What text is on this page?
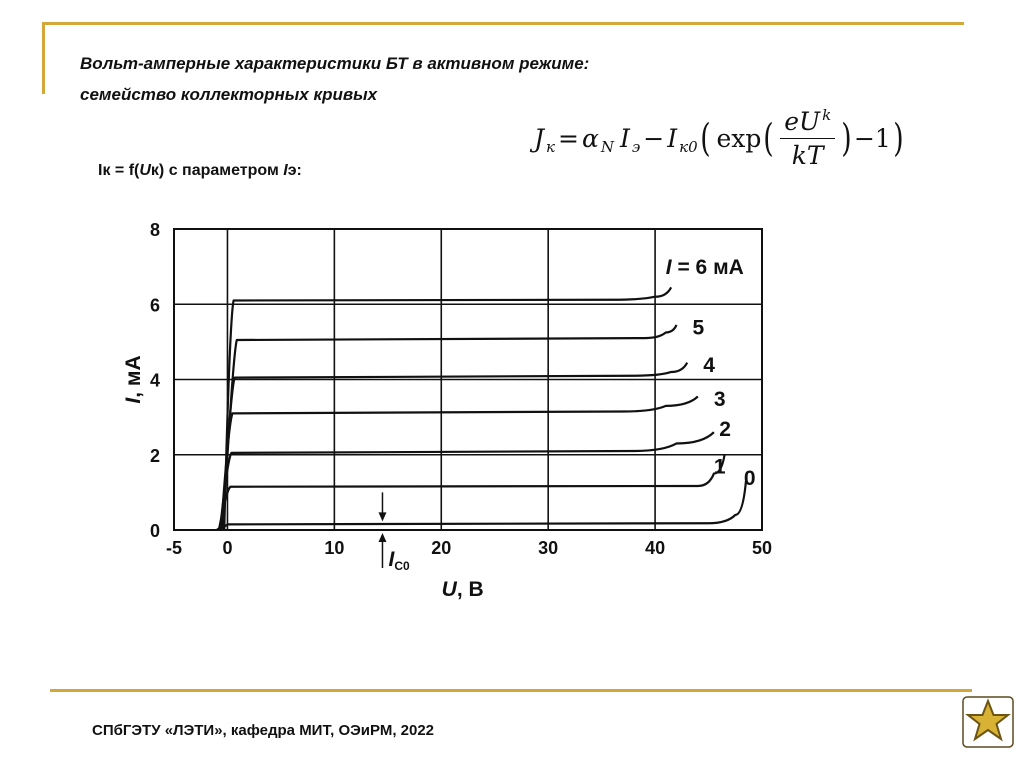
Вольт-амперные характеристики БТ в активном режиме:
семейство коллекторных кривых
J к = α N I э − I к0 ( exp ( $\frac{eU ^k}{kT}$ ) −1 )
Iк = f(Uк) с параметром Iэ:
-5 0	10	20	30	40	50
0
2
4
6
8
U, В
I, мА
0
1
2
3
4
5
I = 6 мА
IС0
СПбГЭТУ «ЛЭТИ», кафедра МИТ, ОЭиРМ, 2022
